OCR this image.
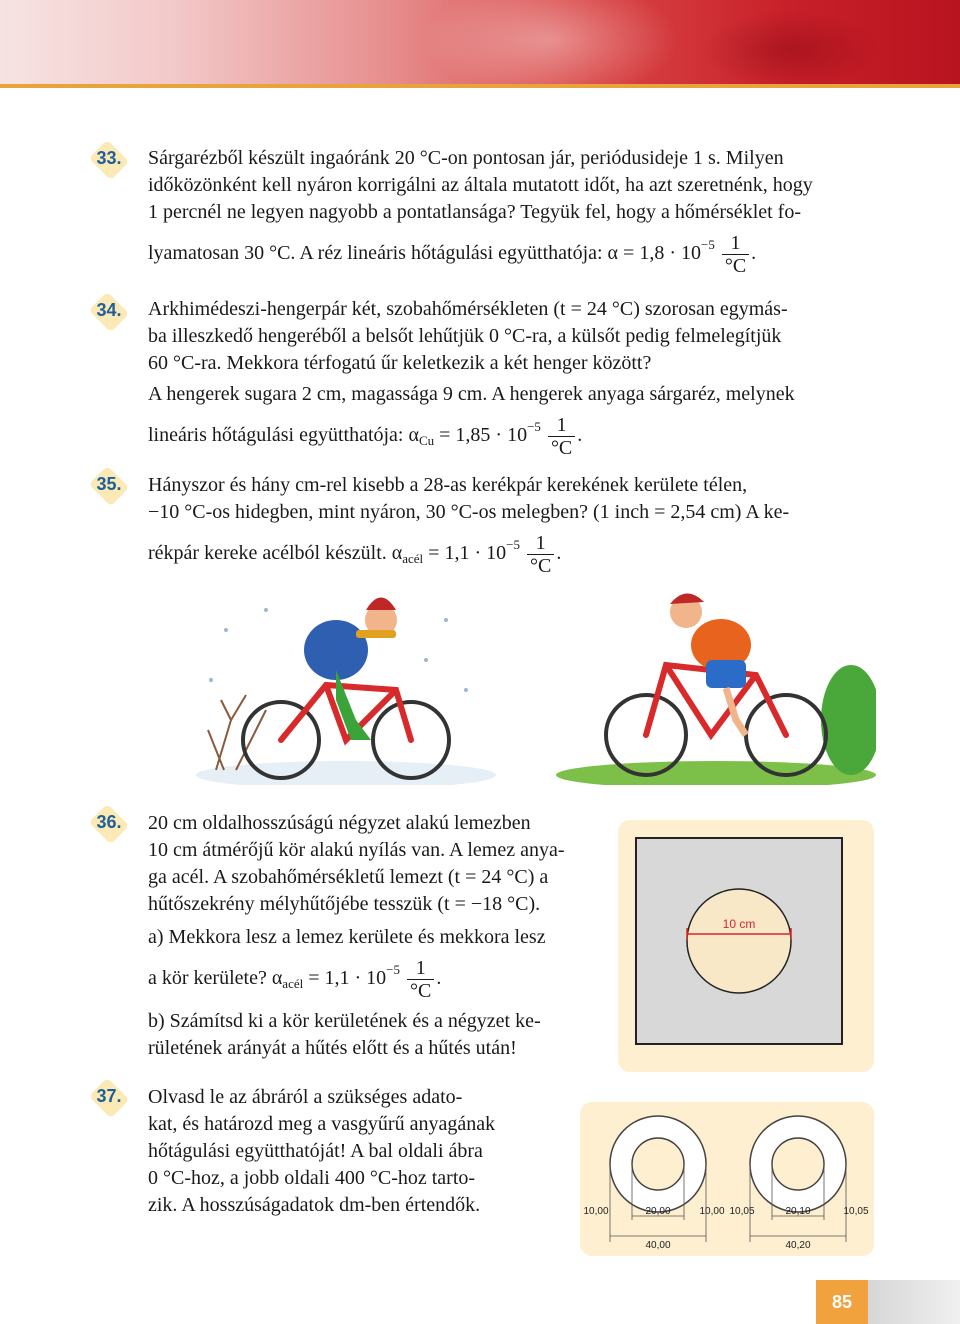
33.	Sárgarézből készült ingaóránk 20 °C-on pontosan jár, periódusideje 1 s. Milyen
időközönként kell nyáron korrigálni az általa mutatott időt, ha azt szeretnénk, hogy
1 percnél ne legyen nagyobb a pontatlansága? Tegyük fel, hogy a hőmérséklet fo-
lyamatosan 30 °C. A réz lineáris hőtágulási együtthatója: $\alpha = 1,8 \cdot 10^{-5} \frac{1}{^\circ C}$ .
34.	Arkhimédeszi-hengerpár két, szobahőmérsékleten (t = 24 °C) szorosan egymás-
ba illeszkedő hengeréből a belsőt lehűtjük 0 °C-ra, a külsőt pedig felmelegítjük
60 °C-ra. Mekkora térfogatú űr keletkezik a két henger között?
A hengerek sugara 2 cm, magassága 9 cm. A hengerek anyaga sárgaréz, melynek
lineáris hőtágulási együtthatója: $\alpha_{Cu} = 1,85 \cdot 10^{-5} \frac{1}{^\circ C}$ .
35.	Hányszor és hány cm-rel kisebb a 28-as kerékpár kerekének kerülete télen,
−10 °C-os hidegben, mint nyáron, 30 °C-os melegben? (1 inch = 2,54 cm) A ke-
rékpár kereke acélból készült. $\alpha_{acél} = 1,1 \cdot 10^{-5} \frac{1}{^\circ C}$ .
36.	20 cm oldalhosszúságú négyzet alakú lemezben
10 cm átmérőjű kör alakú nyílás van. A lemez anya-
ga acél. A szobahőmérsékletű lemezt (t = 24 °C) a
hűtőszekrény mélyhűtőjébe tesszük (t = −18 °C).
a) Mekkora lesz a lemez kerülete és mekkora lesz
a kör kerülete? $\alpha_{acél} = 1,1 \cdot 10^{-5} \frac{1}{^\circ C}$ .
b) Számítsd ki a kör kerületének és a négyzet ke-
rületének arányát a hűtés előtt és a hűtés után!
10 cm
37.	Olvasd le az ábráról a szükséges adato-
kat, és határozd meg a vasgyűrű anyagának
hőtágulási együtthatóját! A bal oldali ábra
0 °C-hoz, a jobb oldali 400 °C-hoz tarto-
zik. A hosszúságadatok dm-ben értendők.	10,00	20,00	10,00
40,00
10,05	20,10	10,05
40,20
85
